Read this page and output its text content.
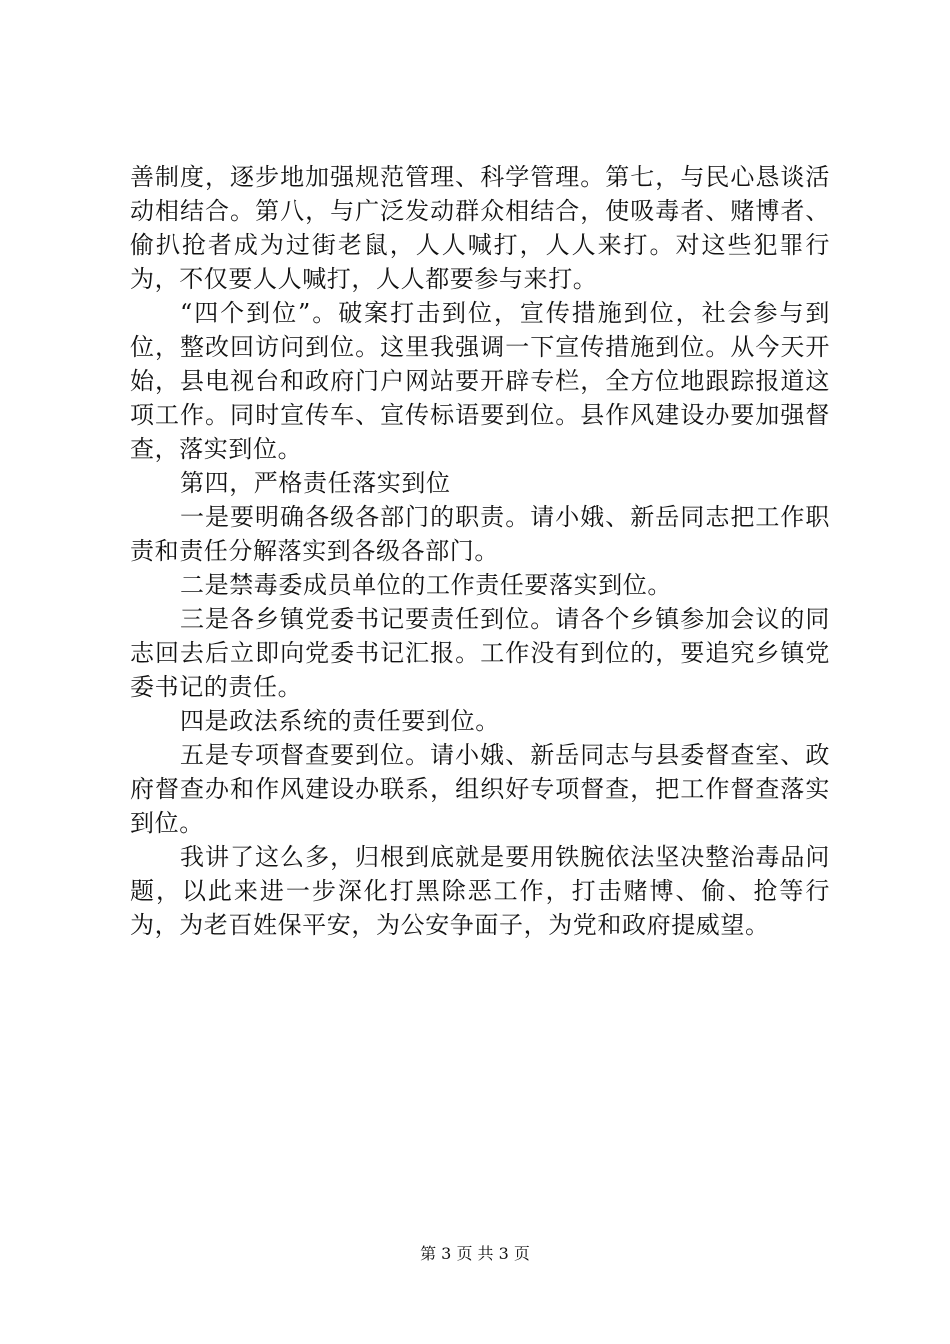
善制度，逐步地加强规范管理、科学管理。第七，与民心恳谈活动相结合。第八，与广泛发动群众相结合，使吸毒者、赌博者、偷扒抢者成为过街老鼠，人人喊打，人人来打。对这些犯罪行为，不仅要人人喊打，人人都要参与来打。

“四个到位”。破案打击到位，宣传措施到位，社会参与到位，整改回访问到位。这里我强调一下宣传措施到位。从今天开始，县电视台和政府门户网站要开辟专栏，全方位地跟踪报道这项工作。同时宣传车、宣传标语要到位。县作风建设办要加强督查，落实到位。

第四，严格责任落实到位

一是要明确各级各部门的职责。请小娥、新岳同志把工作职责和责任分解落实到各级各部门。

二是禁毒委成员单位的工作责任要落实到位。

三是各乡镇党委书记要责任到位。请各个乡镇参加会议的同志回去后立即向党委书记汇报。工作没有到位的，要追究乡镇党委书记的责任。

四是政法系统的责任要到位。

五是专项督查要到位。请小娥、新岳同志与县委督查室、政府督查办和作风建设办联系，组织好专项督查，把工作督查落实到位。

我讲了这么多，归根到底就是要用铁腕依法坚决整治毒品问题，以此来进一步深化打黑除恶工作，打击赌博、偷、抢等行为，为老百姓保平安，为公安争面子，为党和政府提威望。

第 3 页 共 3 页
